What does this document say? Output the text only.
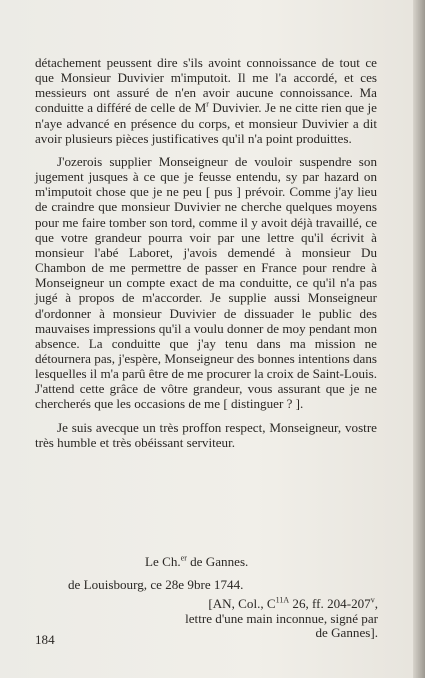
détachement peussent dire s'ils avoint connoissance de tout ce que Monsieur Duvivier m'imputoit. Il me l'a accordé, et ces messieurs ont assuré de n'en avoir aucune connoissance. Ma conduitte a différé de celle de $M^r$ Duvivier. Je ne citte rien que je n'aye advancé en présence du corps, et monsieur Duvivier a dit avoir plusieurs pièces justificatives qu'il n'a point produittes.

J'ozerois supplier Monseigneur de vouloir suspendre son jugement jusques à ce que je feusse entendu, sy par hazard on m'imputoit chose que je ne peu [ pus ] prévoir. Comme j'ay lieu de craindre que monsieur Duvivier ne cherche quelques moyens pour me faire tomber son tord, comme il y avoit déjà travaillé, ce que votre grandeur pourra voir par une lettre qu'il écrivit à monsieur l'abé Laboret, j'avois demendé à monsieur Du Chambon de me permettre de passer en France pour rendre à Monseigneur un compte exact de ma conduitte, ce qu'il n'a pas jugé à propos de m'accorder. Je supplie aussi Monseigneur d'ordonner à monsieur Duvivier de dissuader le public des mauvaises impressions qu'il a voulu donner de moy pendant mon absence. La conduitte que j'ay tenu dans ma mission ne détournera pas, j'espère, Monseigneur des bonnes intentions dans lesquelles il m'a parû être de me procurer la croix de Saint-Louis. J'attend cette grâce de vôtre grandeur, vous assurant que je ne chercherés que les occasions de me [ distinguer ? ].

Je suis avecque un très proffon respect, Monseigneur, vostre très humble et très obéissant serviteur.

Le Ch.$^{er}$ de Gannes.
de Louisbourg, ce 28e 9bre 1744.
[AN, Col., $C^{11A}$ 26, ff. 204-207$^v$, lettre d'une main inconnue, signé par de Gannes].
184
